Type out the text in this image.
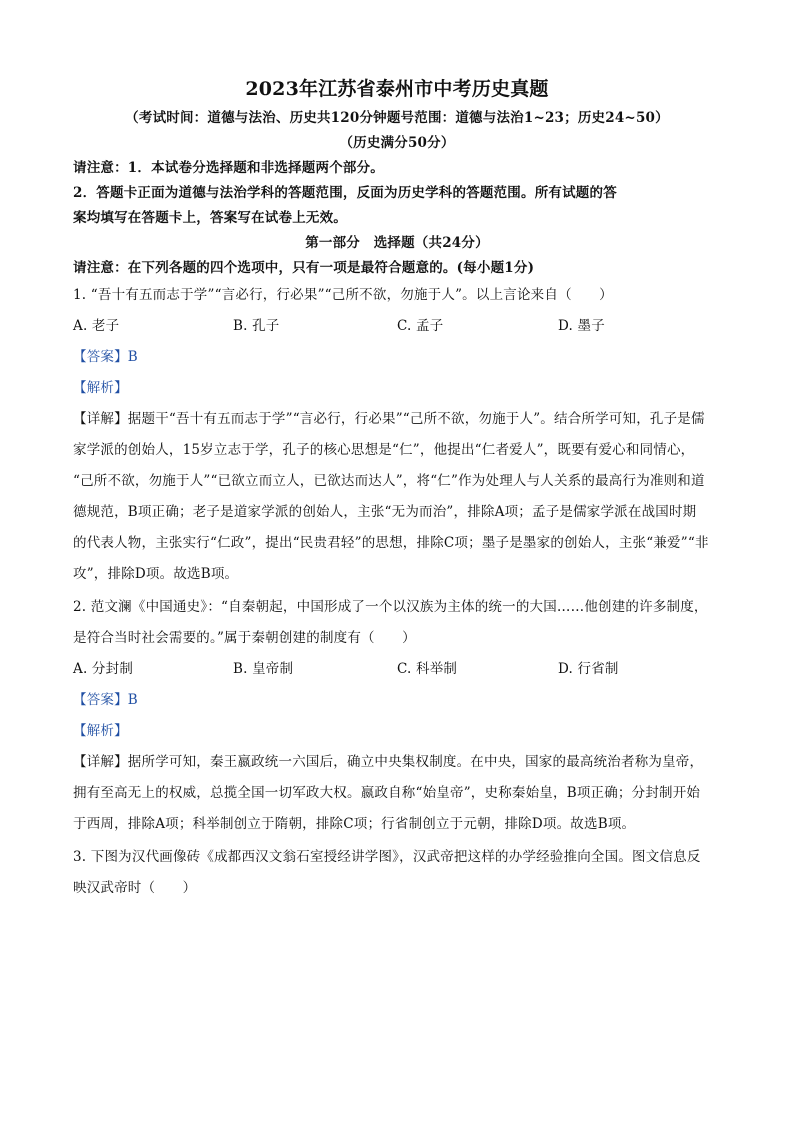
2023年江苏省泰州市中考历史真题
（考试时间：道德与法治、历史共120分钟题号范围：道德与法治1~23；历史24~50）
（历史满分50分）
请注意：1．本试卷分选择题和非选择题两个部分。
2．答题卡正面为道德与法治学科的答题范围，反面为历史学科的答题范围。所有试题的答
案均填写在答题卡上，答案写在试卷上无效。
第一部分　选择题（共24分）
请注意：在下列各题的四个选项中，只有一项是最符合题意的。(每小题1分)
1. “吾十有五而志于学”“言必行，行必果”“己所不欲，勿施于人”。以上言论来自（　　）
A. 老子	B. 孔子	C. 孟子	D. 墨子
【答案】B
【解析】
【详解】据题干“吾十有五而志于学”“言必行，行必果”“己所不欲，勿施于人”。结合所学可知，孔子是儒
家学派的创始人，15岁立志于学，孔子的核心思想是“仁”，他提出“仁者爱人”，既要有爱心和同情心，
“己所不欲，勿施于人”“已欲立而立人，已欲达而达人”，将“仁”作为处理人与人关系的最高行为准则和道
德规范，B项正确；老子是道家学派的创始人，主张“无为而治”，排除A项；孟子是儒家学派在战国时期
的代表人物，主张实行“仁政”，提出“民贵君轻”的思想，排除C项；墨子是墨家的创始人，主张“兼爱”“非
攻”，排除D项。故选B项。
2. 范文澜《中国通史》：“自秦朝起，中国形成了一个以汉族为主体的统一的大国……他创建的许多制度，
是符合当时社会需要的。”属于秦朝创建的制度有（　　）
A. 分封制	B. 皇帝制	C. 科举制	D. 行省制
【答案】B
【解析】
【详解】据所学可知，秦王嬴政统一六国后，确立中央集权制度。在中央，国家的最高统治者称为皇帝，
拥有至高无上的权威，总揽全国一切军政大权。嬴政自称“始皇帝”，史称秦始皇，B项正确；分封制开始
于西周，排除A项；科举制创立于隋朝，排除C项；行省制创立于元朝，排除D项。故选B项。
3. 下图为汉代画像砖《成都西汉文翁石室授经讲学图》，汉武帝把这样的办学经验推向全国。图文信息反
映汉武帝时（　　）
